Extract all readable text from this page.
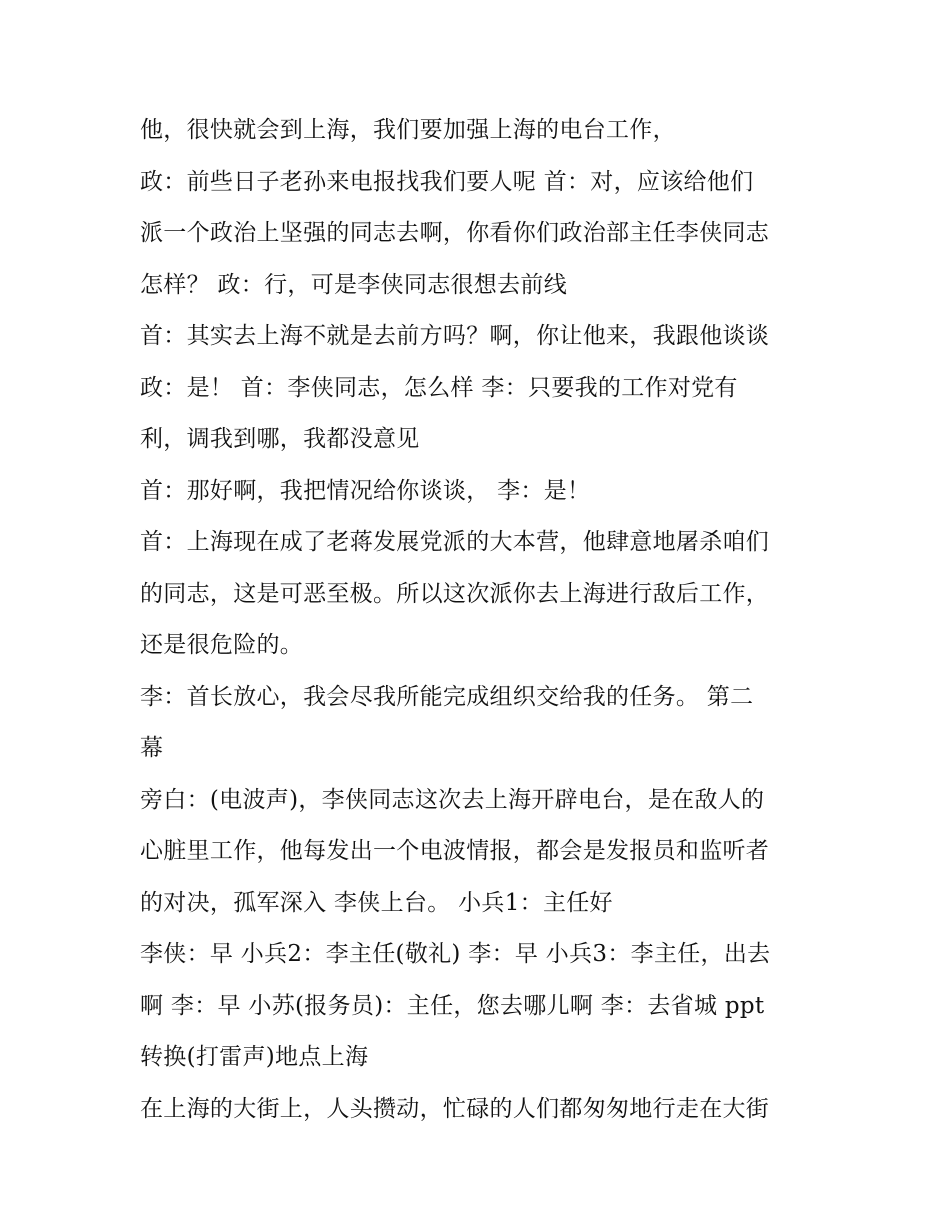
他，很快就会到上海，我们要加强上海的电台工作，
政：前些日子老孙来电报找我们要人呢 首：对，应该给他们
派一个政治上坚强的同志去啊，你看你们政治部主任李侠同志
怎样？ 政：行，可是李侠同志很想去前线
首：其实去上海不就是去前方吗？啊，你让他来，我跟他谈谈
政：是！ 首：李侠同志，怎么样 李：只要我的工作对党有
利，调我到哪，我都没意见
首：那好啊，我把情况给你谈谈， 李：是！
首：上海现在成了老蒋发展党派的大本营，他肆意地屠杀咱们
的同志，这是可恶至极。所以这次派你去上海进行敌后工作，
还是很危险的。
李：首长放心，我会尽我所能完成组织交给我的任务。 第二
幕
旁白：(电波声)，李侠同志这次去上海开辟电台，是在敌人的
心脏里工作，他每发出一个电波情报，都会是发报员和监听者
的对决，孤军深入 李侠上台。 小兵1：主任好
李侠：早 小兵2：李主任(敬礼) 李：早 小兵3：李主任，出去
啊 李：早 小苏(报务员)：主任，您去哪儿啊 李：去省城 ppt
转换(打雷声)地点上海
在上海的大街上，人头攒动，忙碌的人们都匆匆地行走在大街
